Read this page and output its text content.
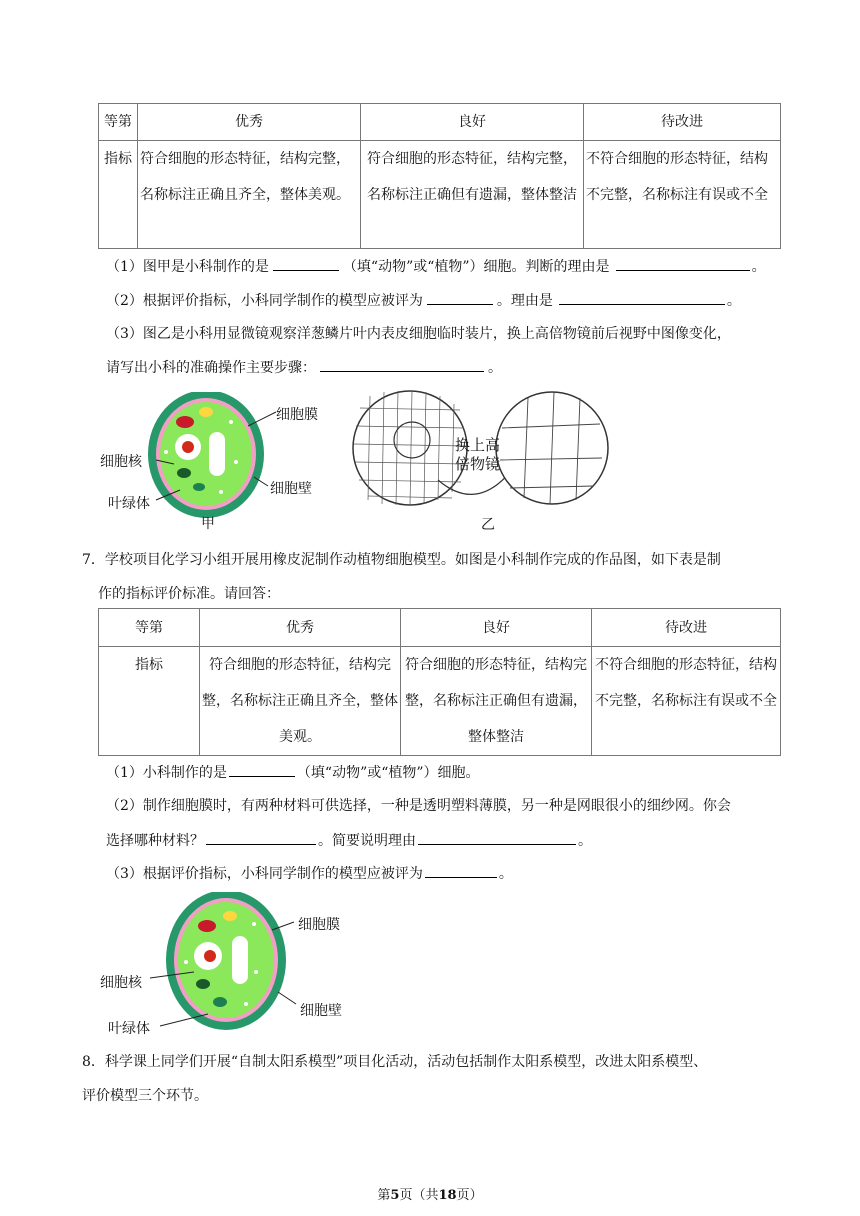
等第	优秀	良好	待改进
指标	符合细胞的形态特征，结构完整，名称标注正确且齐全，整体美观。	符合细胞的形态特征，结构完整，名称标注正确但有遗漏，整体整洁	不符合细胞的形态特征，结构不完整，名称标注有误或不全
（1）图甲是小科制作的是	（填“动物”或“植物”）细胞。判断的理由是	。
（2）根据评价指标，小科同学制作的模型应被评为	。理由是	。
（3）图乙是小科用显微镜观察洋葱鳞片叶内表皮细胞临时装片，换上高倍物镜前后视野中图像变化，
请写出小科的准确操作主要步骤：	。
细胞膜
细胞核
细胞壁
叶绿体
甲
换上高
倍物镜
乙
7．学校项目化学习小组开展用橡皮泥制作动植物细胞模型。如图是小科制作完成的作品图，如下表是制
作的指标评价标准。请回答：
等第	优秀	良好	待改进
指标	符合细胞的形态特征，结构完整，名称标注正确且齐全，整体美观。	符合细胞的形态特征，结构完整，名称标注正确但有遗漏，整体整洁	不符合细胞的形态特征，结构不完整，名称标注有误或不全
（1）小科制作的是	（填“动物”或“植物”）细胞。
（2）制作细胞膜时，有两种材料可供选择，一种是透明塑料薄膜，另一种是网眼很小的细纱网。你会
选择哪种材料？	。简要说明理由	。
（3）根据评价指标，小科同学制作的模型应被评为	。
细胞膜
细胞核
细胞壁
叶绿体
8．科学课上同学们开展“自制太阳系模型”项目化活动，活动包括制作太阳系模型，改进太阳系模型、
评价模型三个环节。
第5页（共18页）
